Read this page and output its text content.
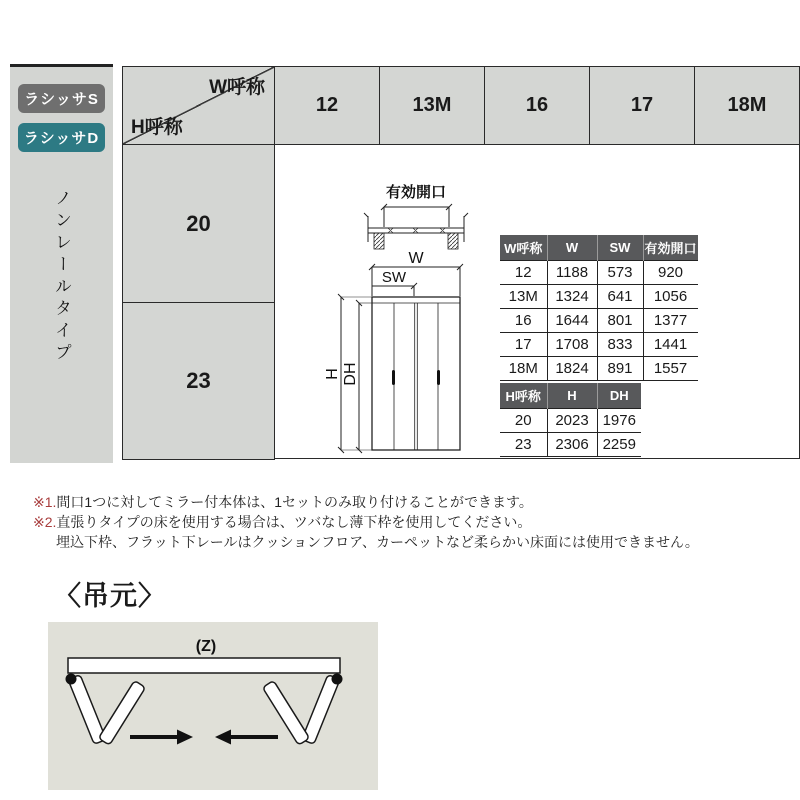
ラシッサS
ラシッサD
ノンレールタイプ
W呼称
H呼称
12	13M	16	17	18M
20
23
有効開口
W
SW
H DH
W呼称	W	SW	有効開口
12	1188	573	920
13M	1324	641	1056
16	1644	801	1377
17	1708	833	1441
18M	1824	891	1557
H呼称	H	DH
20	2023	1976
23	2306	2259
※1.間口1つに対してミラー付本体は、1セットのみ取り付けることができます。
※2.直張りタイプの床を使用する場合は、ツバなし薄下枠を使用してください。
埋込下枠、フラット下レールはクッションフロア、カーペットなど柔らかい床面には使用できません。
〈吊元〉
(Z)
